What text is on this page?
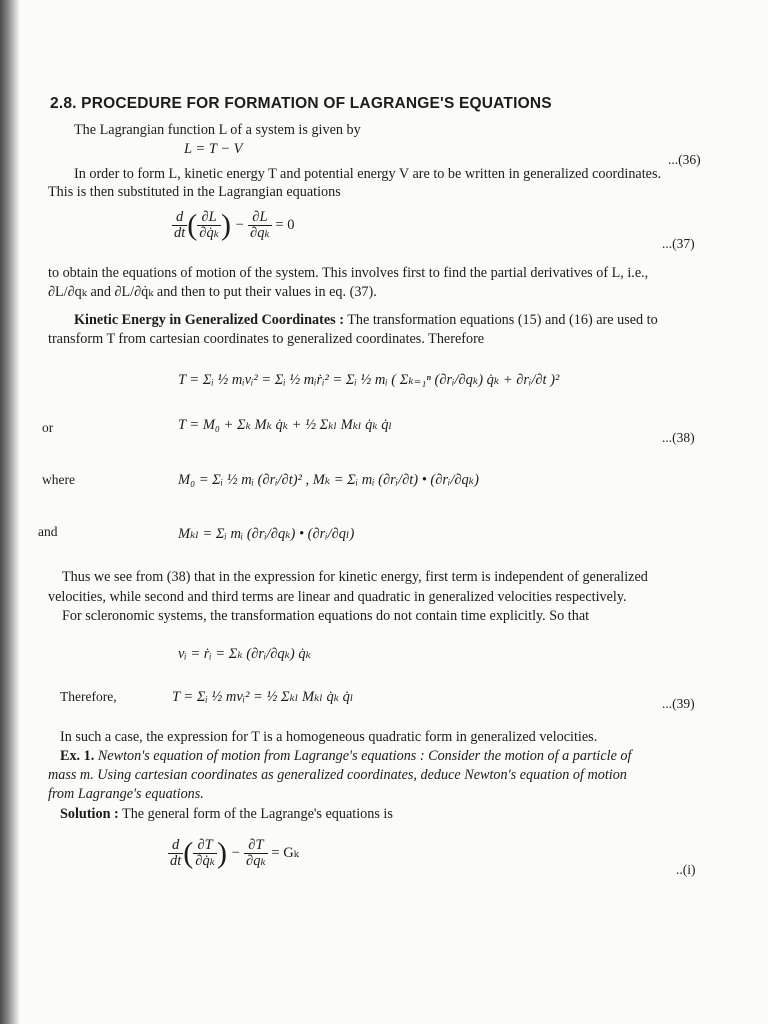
2.8. PROCEDURE FOR FORMATION OF LAGRANGE'S EQUATIONS
The Lagrangian function L of a system is given by
L = T − V
...(36)
In order to form L, kinetic energy T and potential energy V are to be written in generalized coordinates.
This is then substituted in the Lagrangian equations
$\frac{d}{dt}$ ( $\frac{\partial L}{\text{∂q̇ₖ}}$ ) − $\frac{\partial L}{\text{∂qₖ}} = 0$
...(37)
to obtain the equations of motion of the system. This involves first to find the partial derivatives of L, i.e.,
∂L/∂qₖ and ∂L/∂q̇ₖ and then to put their values in eq. (37).
Kinetic Energy in Generalized Coordinates : The transformation equations (15) and (16) are used to
transform T from cartesian coordinates to generalized coordinates. Therefore
T = Σᵢ ½ mᵢvᵢ² = Σᵢ ½ mᵢṙᵢ² = Σᵢ ½ mᵢ ( Σₖ₌₁ⁿ (∂rᵢ/∂qₖ) q̇ₖ + ∂rᵢ/∂t )²
or	T = M₀ + Σₖ Mₖ q̇ₖ + ½ Σₖₗ Mₖₗ q̇ₖ q̇ₗ
...(38)
where	M₀ = Σᵢ ½ mᵢ (∂rᵢ/∂t)² , Mₖ = Σᵢ mᵢ (∂rᵢ/∂t) • (∂rᵢ/∂qₖ)
and	Mₖₗ = Σᵢ mᵢ (∂rᵢ/∂qₖ) • (∂rᵢ/∂qₗ)
Thus we see from (38) that in the expression for kinetic energy, first term is independent of generalized
velocities, while second and third terms are linear and quadratic in generalized velocities respectively.
For scleronomic systems, the transformation equations do not contain time explicitly. So that
vᵢ = ṙᵢ = Σₖ (∂rᵢ/∂qₖ) q̇ₖ
Therefore,	T = Σᵢ ½ mvᵢ² = ½ Σₖₗ Mₖₗ q̇ₖ q̇ₗ	...(39)
In such a case, the expression for T is a homogeneous quadratic form in generalized velocities.
Ex. 1. Newton's equation of motion from Lagrange's equations : Consider the motion of a particle of
mass m. Using cartesian coordinates as generalized coordinates, deduce Newton's equation of motion
from Lagrange's equations.
Solution : The general form of the Lagrange's equations is
$\frac{d}{dt}$ ( $\frac{\partial T}{\text{∂q̇ₖ}}$ ) − $\frac{\partial T}{\text{∂qₖ}} = G_k$
..(i)
